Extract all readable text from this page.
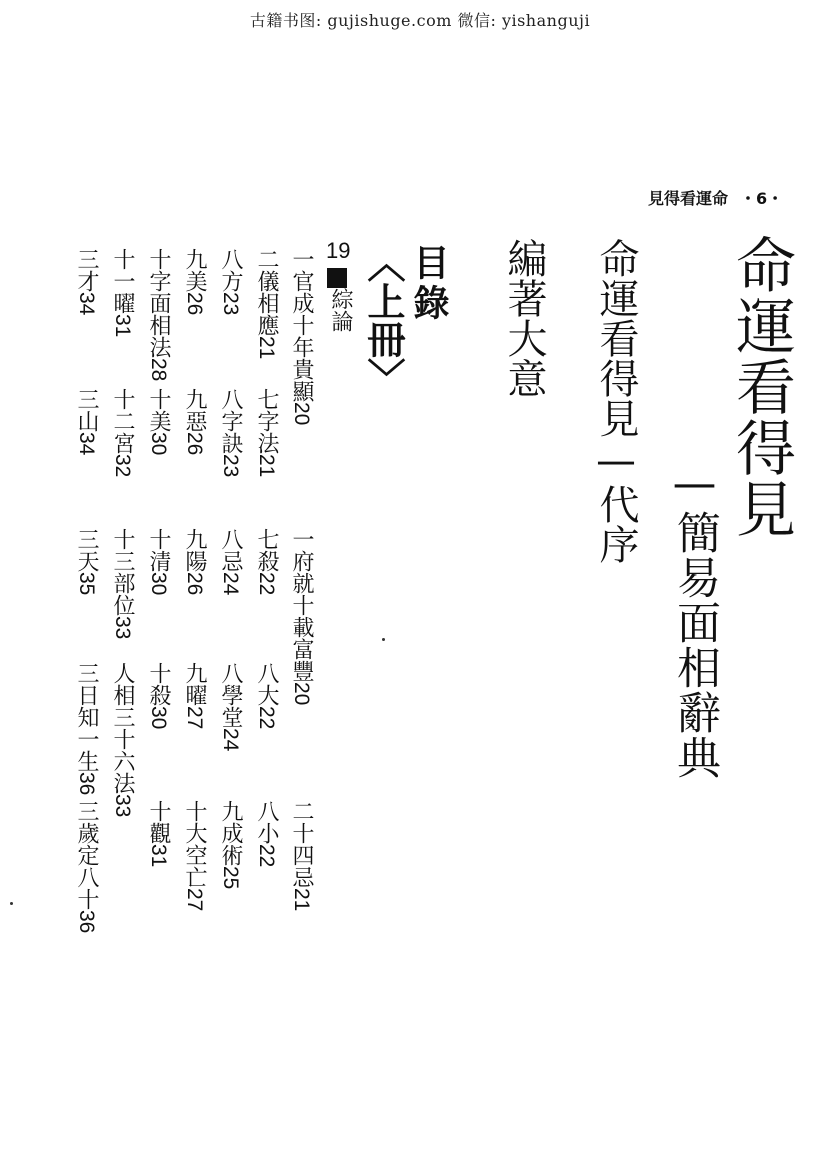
古籍书图: gujishuge.com 微信: yishanguji
見得看運命 ・6・
命運看得見
—簡易面相辭典
命運看得見—代序
編著大意
目錄
〈上冊〉
19
綜論
一官成十年貴顯20
一府就十載富豐20
二十四忌21
二儀相應21
七字法21
七殺22
八大22
八小22
八方23
八字訣23
八忌24
八學堂24
九成術25
九美26
九惡26
九陽26
九曜27
十大空亡27
十字面相法28
十美30
十清30
十殺30
十觀31
十一曜31
十二宮32
十三部位33
人相三十六法33
三才34
三山34
三天35
三日知一生36
三歲定八十36
